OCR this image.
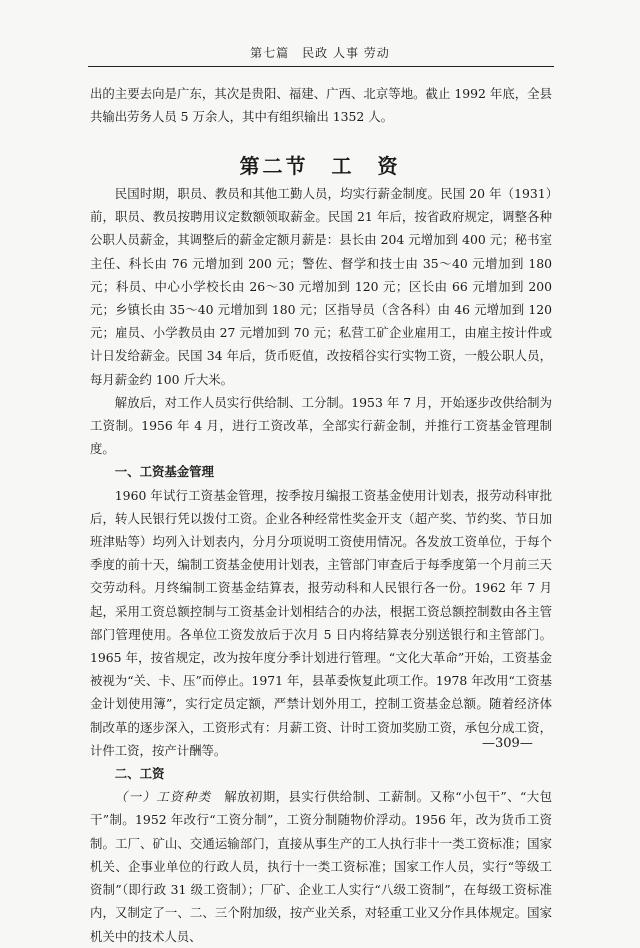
第七篇　民政 人事 劳动

出的主要去向是广东，其次是贵阳、福建、广西、北京等地。截止 1992 年底，全县共输出劳务人员 5 万余人，其中有组织输出 1352 人。

第二节　工　资

民国时期，职员、教员和其他工勤人员，均实行薪金制度。民国 20 年（1931）前，职员、教员按聘用议定数额领取薪金。民国 21 年后，按省政府规定，调整各种公职人员薪金，其调整后的薪金定额月薪是：县长由 204 元增加到 400 元；秘书室主任、科长由 76 元增加到 200 元；警佐、督学和技士由 35～40 元增加到 180 元；科员、中心小学校长由 26～30 元增加到 120 元；区长由 66 元增加到 200 元；乡镇长由 35～40 元增加到 180 元；区指导员（含各科）由 46 元增加到 120 元；雇员、小学教员由 27 元增加到 70 元；私营工矿企业雇用工，由雇主按计件或计日发给薪金。民国 34 年后，货币贬值，改按稻谷实行实物工资，一般公职人员，每月薪金约 100 斤大米。

解放后，对工作人员实行供给制、工分制。1953 年 7 月，开始逐步改供给制为工资制。1956 年 4 月，进行工资改革，全部实行薪金制，并推行工资基金管理制度。

一、工资基金管理

1960 年试行工资基金管理，按季按月编报工资基金使用计划表，报劳动科审批后，转人民银行凭以拨付工资。企业各种经常性奖金开支（超产奖、节约奖、节日加班津贴等）均列入计划表内，分月分项说明工资使用情况。各发放工资单位，于每个季度的前十天，编制工资基金使用计划表，主管部门审查后于每季度第一个月前三天交劳动科。月终编制工资基金结算表，报劳动科和人民银行各一份。1962 年 7 月起，采用工资总额控制与工资基金计划相结合的办法，根据工资总额控制数由各主管部门管理使用。各单位工资发放后于次月 5 日内将结算表分别送银行和主管部门。1965 年，按省规定，改为按年度分季计划进行管理。“文化大革命”开始，工资基金被视为“关、卡、压”而停止。1971 年，县革委恢复此项工作。1978 年改用“工资基金计划使用簿”，实行定员定额，严禁计划外用工，控制工资基金总额。随着经济体制改革的逐步深入，工资形式有：月薪工资、计时工资加奖励工资，承包分成工资，计件工资，按产计酬等。

二、工资

（一）工资种类　 解放初期，县实行供给制、工薪制。又称“小包干”、“大包干”制。1952 年改行“工资分制”，工资分制随物价浮动。1956 年，改为货币工资制。工厂、矿山、交通运输部门，直接从事生产的工人执行非十一类工资标准；国家机关、企事业单位的行政人员，执行十一类工资标准；国家工作人员，实行“等级工资制”（即行政 31 级工资制）；厂矿、企业工人实行“八级工资制”，在每级工资标准内，又制定了一、二、三个附加级，按产业关系，对轻重工业又分作具体规定。国家机关中的技术人员、

—309—
